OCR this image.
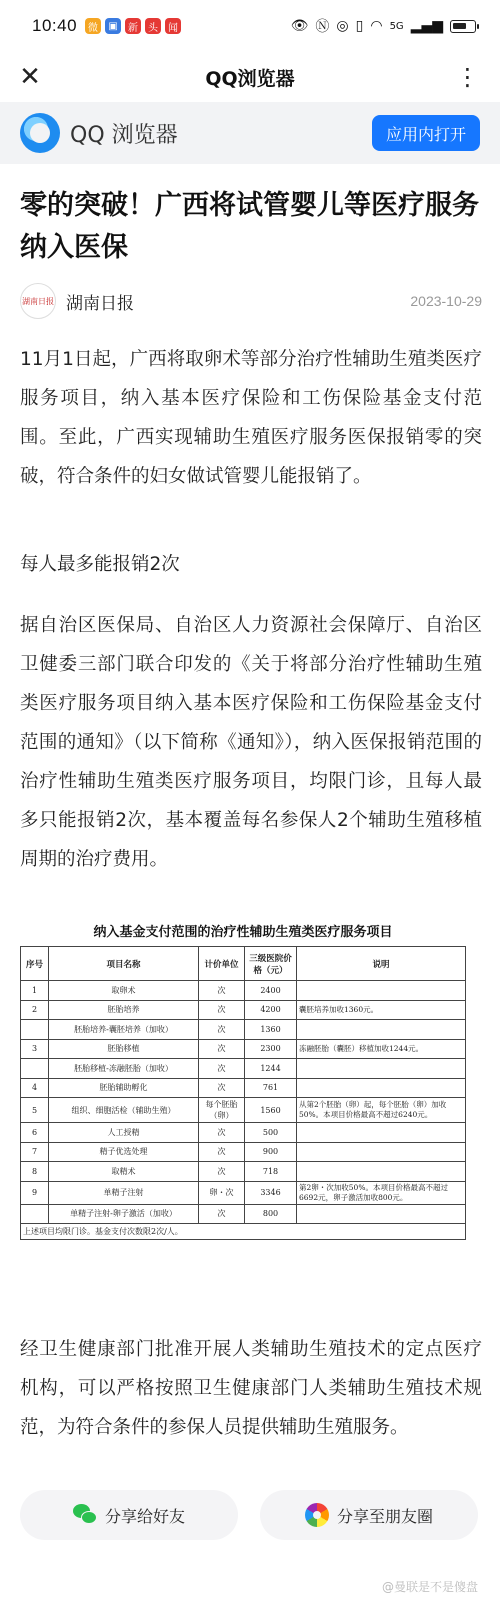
10:40	微	▣	新	头	闻	👁 Ⓝ ◎ ▯ ◠ 5G ▂▄▆
✕	QQ浏览器	⋮
QQ 浏览器	应用内打开
零的突破！广西将试管婴儿等医疗服务纳入医保
湖南日报 湖南日报	2023-10-29
11月1日起，广西将取卵术等部分治疗性辅助生殖类医疗服务项目，纳入基本医疗保险和工伤保险基金支付范围。至此，广西实现辅助生殖医疗服务医保报销零的突破，符合条件的妇女做试管婴儿能报销了。
每人最多能报销2次
据自治区医保局、自治区人力资源社会保障厅、自治区卫健委三部门联合印发的《关于将部分治疗性辅助生殖类医疗服务项目纳入基本医疗保险和工伤保险基金支付范围的通知》（以下简称《通知》），纳入医保报销范围的治疗性辅助生殖类医疗服务项目，均限门诊，且每人最多只能报销2次，基本覆盖每名参保人2个辅助生殖移植周期的治疗费用。
纳入基金支付范围的治疗性辅助生殖类医疗服务项目
序号	项目名称	计价单位	三级医院价格（元）	说明
1	取卵术	次	2400	
2	胚胎培养	次	4200	囊胚培养加收1360元。
	胚胎培养-囊胚培养（加收）	次	1360	
3	胚胎移植	次	2300	冻融胚胎（囊胚）移植加收1244元。
	胚胎移植-冻融胚胎（加收）	次	1244	
4	胚胎辅助孵化	次	761	
5	组织、细胞活检（辅助生殖）	每个胚胎（卵）	1560	从第2个胚胎（卵）起，每个胚胎（卵）加收50%。本项目价格最高不超过6240元。
6	人工授精	次	500	
7	精子优选处理	次	900	
8	取精术	次	718	
9	单精子注射	卵・次	3346	第2卵・次加收50%。本项目价格最高不超过6692元，卵子激活加收800元。
	单精子注射-卵子激活（加收）	次	800	
上述项目均限门诊。基金支付次数限2次/人。				
经卫生健康部门批准开展人类辅助生殖技术的定点医疗机构，可以严格按照卫生健康部门人类辅助生殖技术规范，为符合条件的参保人员提供辅助生殖服务。
分享给好友	分享至朋友圈
@曼联是不是傻盘
